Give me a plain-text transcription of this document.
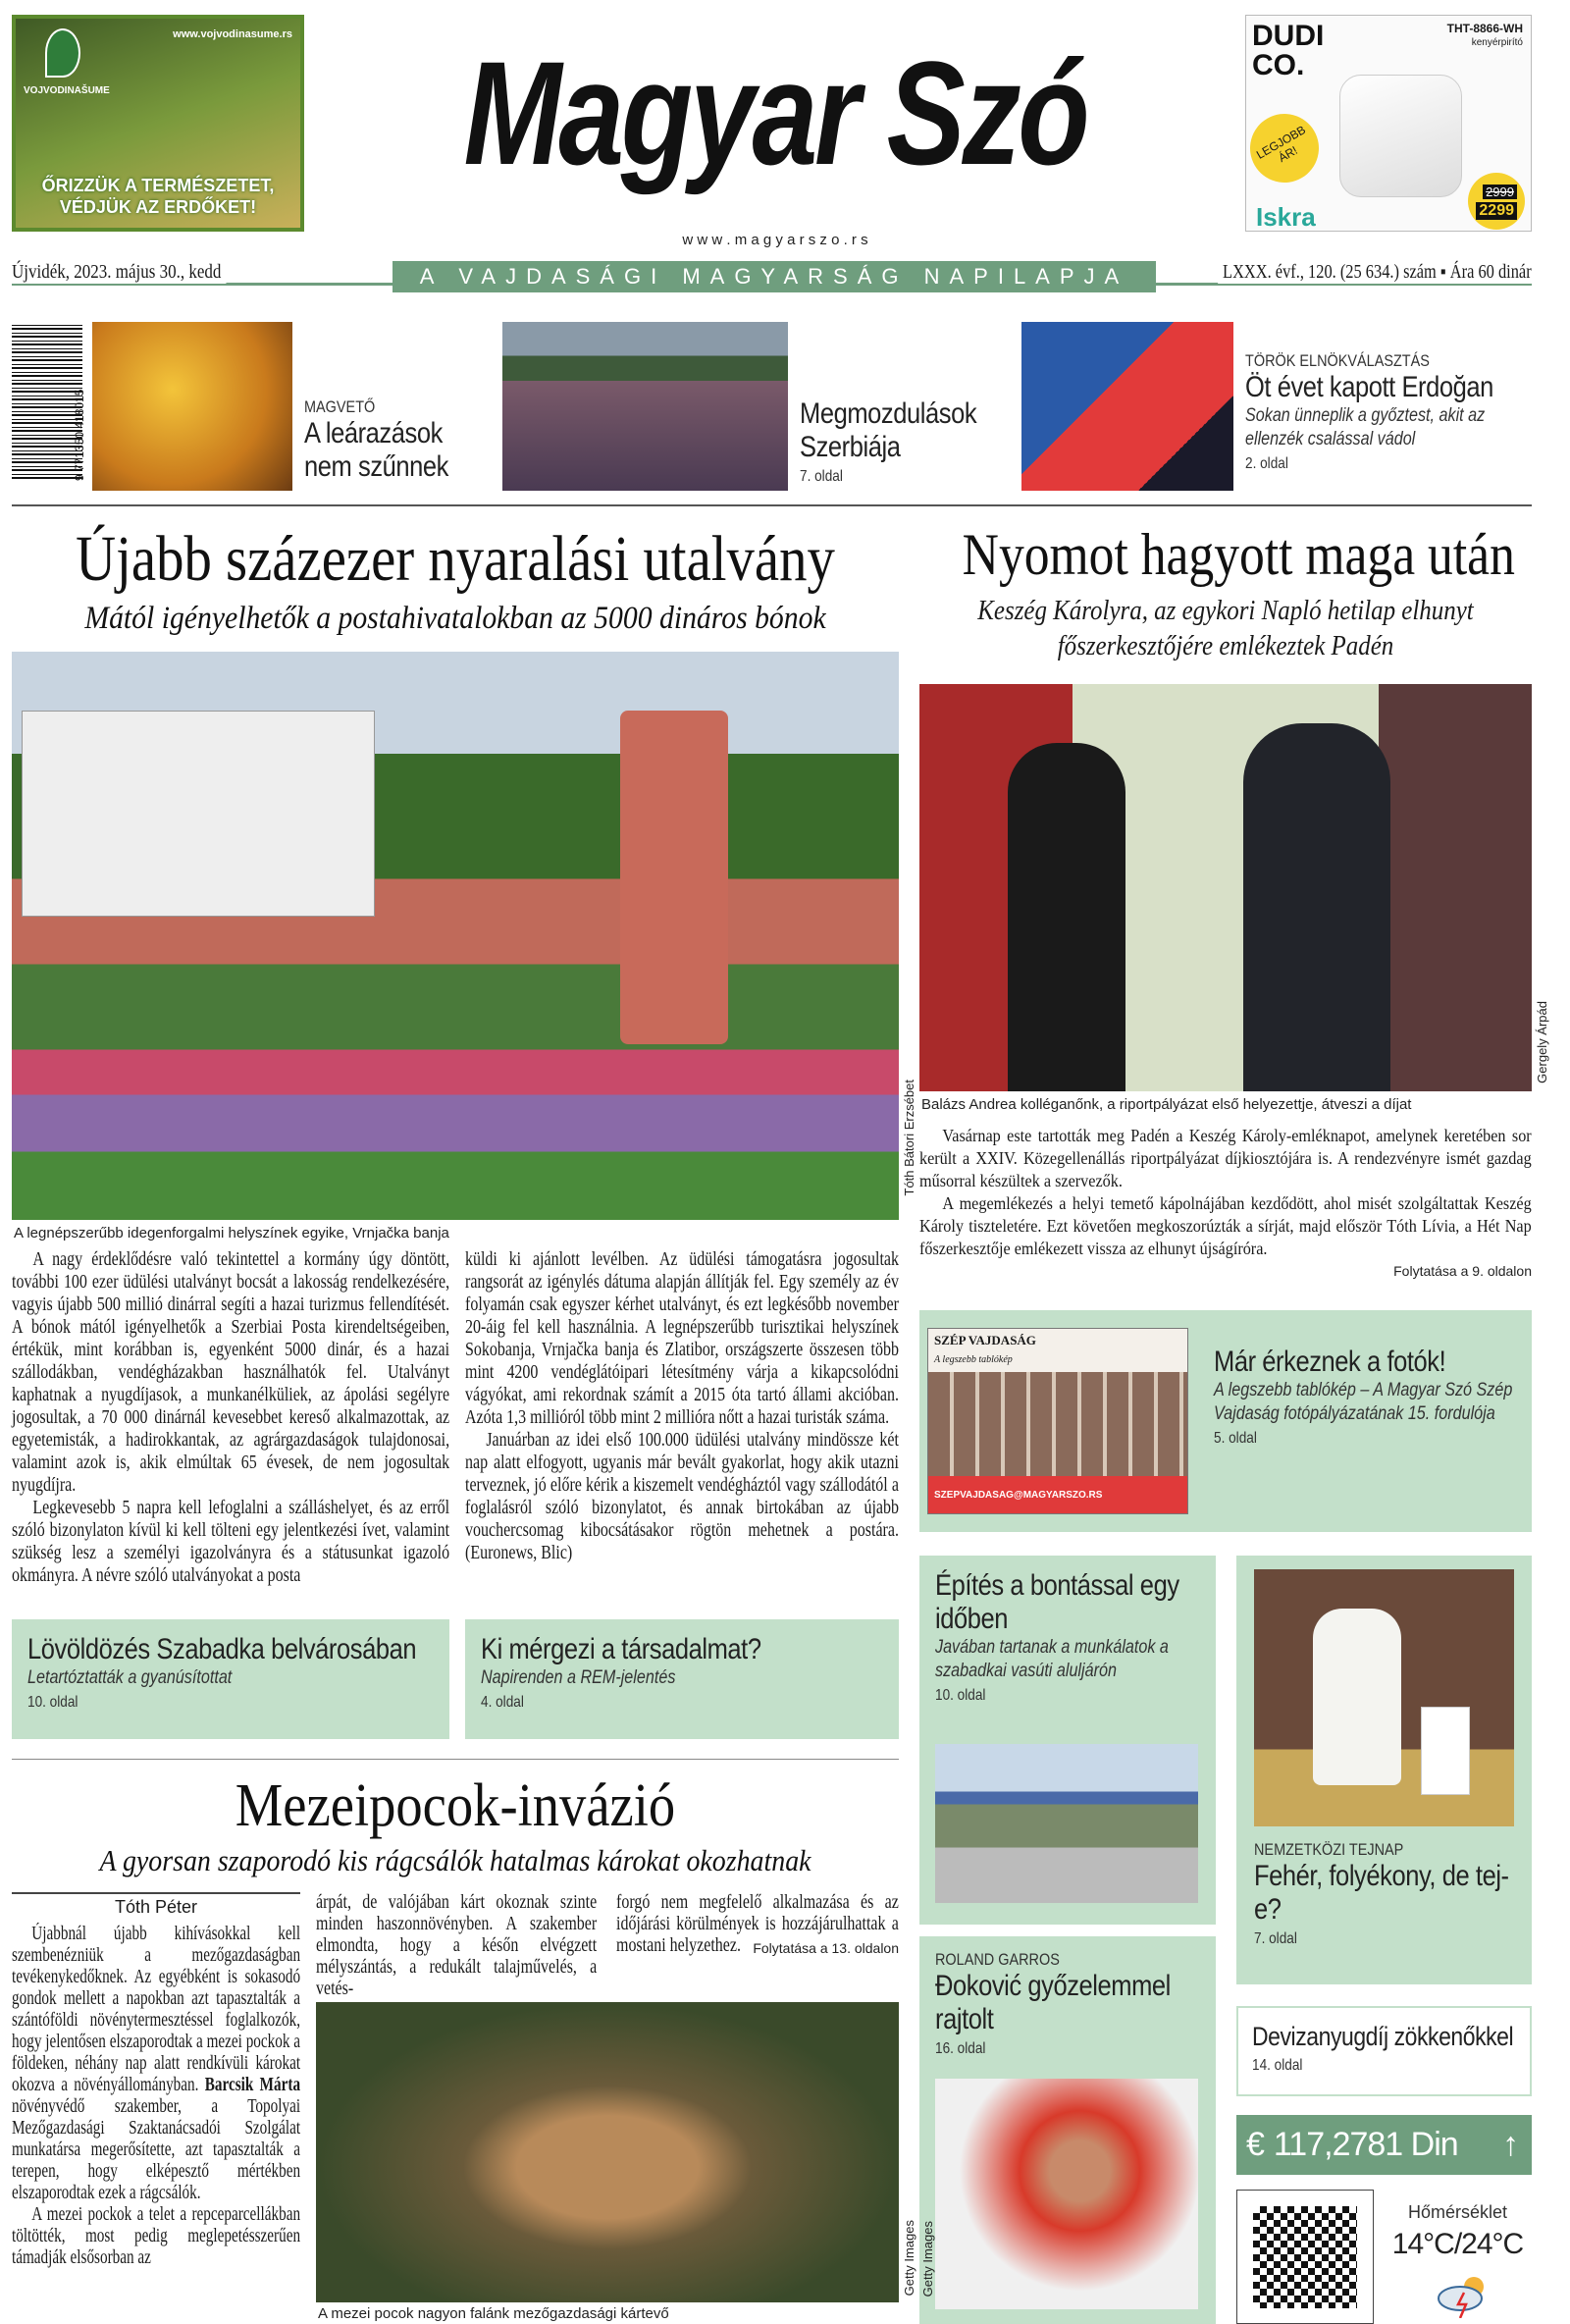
www.vojvodinasume.rs
VOJVODINAŠUME
ŐRIZZÜK A TERMÉSZETET, VÉDJÜK AZ ERDŐKET!
Magyar Szó
w w w . m a g y a r s z o . r s
DUDI CO.
THT-8866-WH
kenyérpirító
LEGJOBB ÁR!
2999
2299
Iskra
Újvidék, 2023. május 30., kedd	A VAJDASÁGI MAGYARSÁG NAPILAPJA	LXXX. évf., 120. (25 634.) szám ▪ Ára 60 dinár
9 771350 418015	MAGVETŐ
A leárazások nem szűnnek
Megmozdulások Szerbiája
7. oldal
TÖRÖK ELNÖKVÁLASZTÁS
Öt évet kapott Erdoğan
Sokan ünneplik a győztest, akit az ellenzék csalással vádol
2. oldal
Újabb százezer nyaralási utalvány
Mától igényelhetők a postahivatalokban az 5000 dináros bónok
Tóth Bátori Erzsébet
A legnépszerűbb idegenforgalmi helyszínek egyike, Vrnjačka banja

A nagy érdeklődésre való tekintettel a kormány úgy döntött, további 100 ezer üdülési utalványt bocsát a lakosság rendelkezésére, vagyis újabb 500 millió dinárral segíti a hazai turizmus fellendítését. A bónok mától igényelhetők a Szerbiai Posta kirendeltségeiben, értékük, mint korábban is, egyenként 5000 dinár, és a hazai szállodákban, vendégházakban használhatók fel. Utalványt kaphatnak a nyugdíjasok, a munkanélküliek, az ápolási segélyre jogosultak, a 70 000 dinárnál kevesebbet kereső alkalmazottak, az egyetemisták, a hadirokkantak, az agrárgazdaságok tulajdonosai, valamint azok is, akik elmúltak 65 évesek, de nem jogosultak nyugdíjra.

Legkevesebb 5 napra kell lefoglalni a szálláshelyet, és az erről szóló bizonylaton kívül ki kell tölteni egy jelentkezési ívet, valamint szükség lesz a személyi igazolványra és a státusunkat igazoló okmányra. A névre szóló utalványokat a posta

küldi ki ajánlott levélben. Az üdülési támogatásra jogosultak rangsorát az igénylés dátuma alapján állítják fel. Egy személy az év folyamán csak egyszer kérhet utalványt, és ezt legkésőbb november 20-áig fel kell használnia. A legnépszerűbb turisztikai helyszínek Sokobanja, Vrnjačka banja és Zlatibor, országszerte összesen több mint 4200 vendéglátóipari létesítmény várja a kikapcsolódni vágyókat, ami rekordnak számít a 2015 óta tartó állami akcióban. Azóta 1,3 millióról több mint 2 millióra nőtt a hazai turisták száma.

Januárban az idei első 100.000 üdülési utalvány mindössze két nap alatt elfogyott, ugyanis már bevált gyakorlat, hogy akik utazni terveznek, jó előre kérik a kiszemelt vendégháztól vagy szállodától a foglalásról szóló bizonylatot, és annak birtokában az újabb vouchercsomag kibocsátásakor rögtön mehetnek a postára. (Euronews, Blic)

Lövöldözés Szabadka belvárosában
Letartóztatták a gyanúsítottat
10. oldal
Ki mérgezi a társadalmat?
Napirenden a REM-jelentés
4. oldal
Mezeipocok-invázió
A gyorsan szaporodó kis rágcsálók hatalmas károkat okozhatnak
Tóth Péter

Újabbnál újabb kihívásokkal kell szembenézniük a mezőgazdaságban tevékenykedőknek. Az egyébként is sokasodó gondok mellett a napokban azt tapasztalták a szántóföldi növénytermesztéssel foglalkozók, hogy jelentősen elszaporodtak a mezei pockok a földeken, néhány nap alatt rendkívüli károkat okozva a növényállományban. Barcsik Márta növényvédő szakember, a Topolyai Mezőgazdasági Szaktanácsadói Szolgálat munkatársa megerősítette, azt tapasztalták a terepen, hogy elképesztő mértékben elszaporodtak ezek a rágcsálók.

A mezei pockok a telet a repceparcellákban töltötték, most pedig meglepetésszerűen támadják elsősorban az

árpát, de valójában kárt okoznak szinte minden haszonnövényben. A szakember elmondta, hogy a későn elvégzett mélyszántás, a redukált talajművelés, a vetés-

forgó nem megfelelő alkalmazása és az időjárási körülmények is hozzájárulhattak a mostani helyzethez. Folytatása a 13. oldalon
Getty Images
A mezei pocok nagyon falánk mezőgazdasági kártevő
Nyomot hagyott maga után
Keszég Károlyra, az egykori Napló hetilap elhunyt főszerkesztőjére emlékeztek Padén
Gergely Árpád
Balázs Andrea kolléganőnk, a riportpályázat első helyezettje, átveszi a díjat

Vasárnap este tartották meg Padén a Keszég Károly-emléknapot, amelynek keretében sor került a XXIV. Közegellenállás riportpályázat díjkiosztójára is. A rendezvényre ismét gazdag műsorral készültek a szervezők.

A megemlékezés a helyi temető kápolnájában kezdődött, ahol misét szolgáltattak Keszég Károly tiszteletére. Ezt követően megkoszorúzták a sírját, majd először Tóth Lívia, a Hét Nap főszerkesztője emlékezett vissza az elhunyt újságíróra.

Folytatása a 9. oldalon
SZÉP VAJDASÁG
A legszebb tablókép
SZEPVAJDASAG@MAGYARSZO.RS
Már érkeznek a fotók!
A legszebb tablókép – A Magyar Szó Szép Vajdaság fotópályázatának 15. fordulója
5. oldal
Építés a bontással egy időben
Javában tartanak a munkálatok a szabadkai vasúti aluljárón
10. oldal
NEMZETKÖZI TEJNAP
Fehér, folyékony, de tej-e?
7. oldal
ROLAND GARROS
Đoković győzelemmel rajtolt
16. oldal
Getty Images
Devizanyugdíj zökkenőkkel
14. oldal
€ 117,2781 Din ↑
Hőmérséklet
14°C/24°C
